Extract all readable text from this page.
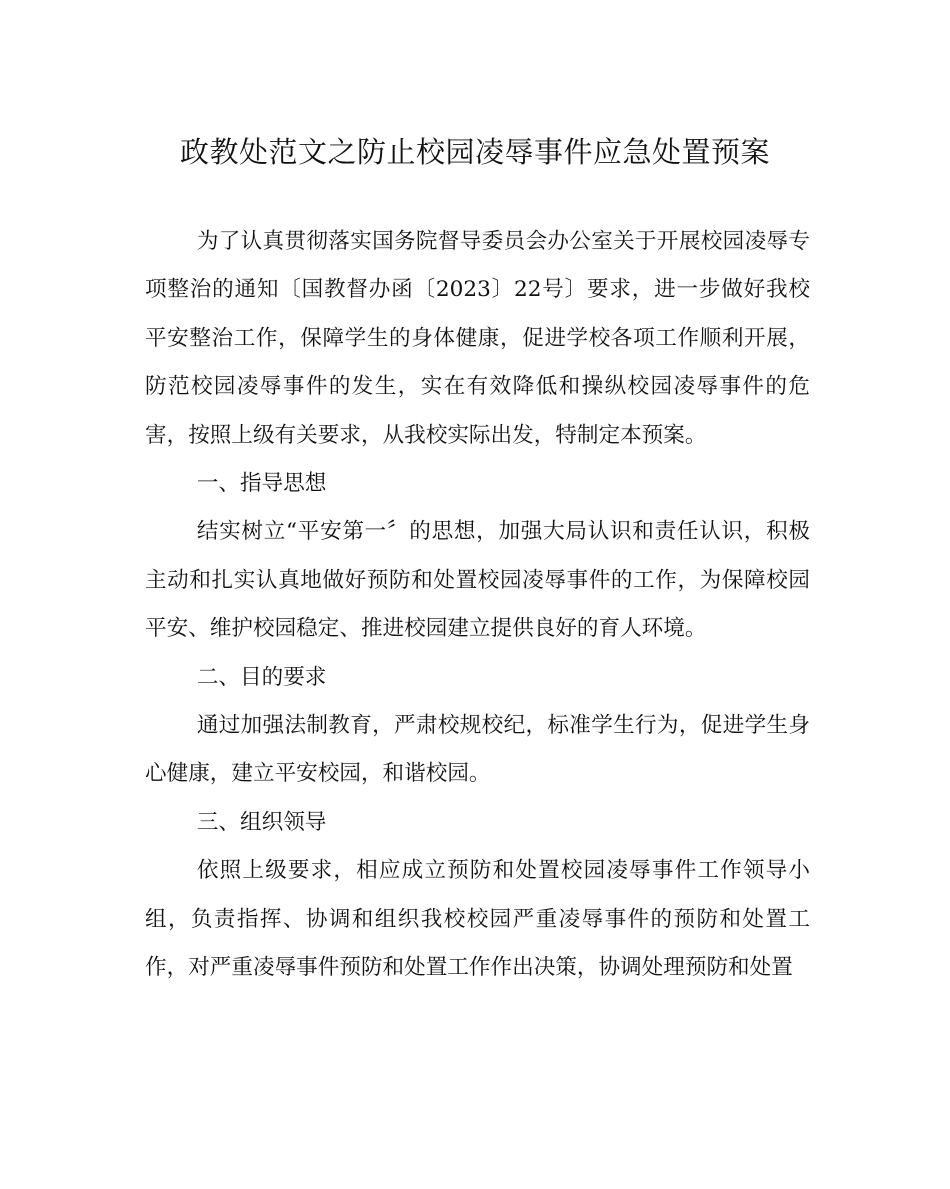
政教处范文之防止校园凌辱事件应急处置预案

为了认真贯彻落实国务院督导委员会办公室关于开展校园凌辱专项整治的通知〔国教督办函〔2023〕22号〕要求，进一步做好我校平安整治工作，保障学生的身体健康，促进学校各项工作顺利开展，防范校园凌辱事件的发生，实在有效降低和操纵校园凌辱事件的危害，按照上级有关要求，从我校实际出发，特制定本预案。

一、指导思想

结实树立“平安第一〞的思想，加强大局认识和责任认识，积极主动和扎实认真地做好预防和处置校园凌辱事件的工作，为保障校园平安、维护校园稳定、推进校园建立提供良好的育人环境。

二、目的要求

通过加强法制教育，严肃校规校纪，标准学生行为，促进学生身心健康，建立平安校园，和谐校园。

三、组织领导

依照上级要求，相应成立预防和处置校园凌辱事件工作领导小组，负责指挥、协调和组织我校校园严重凌辱事件的预防和处置工作，对严重凌辱事件预防和处置工作作出决策，协调处理预防和处置
